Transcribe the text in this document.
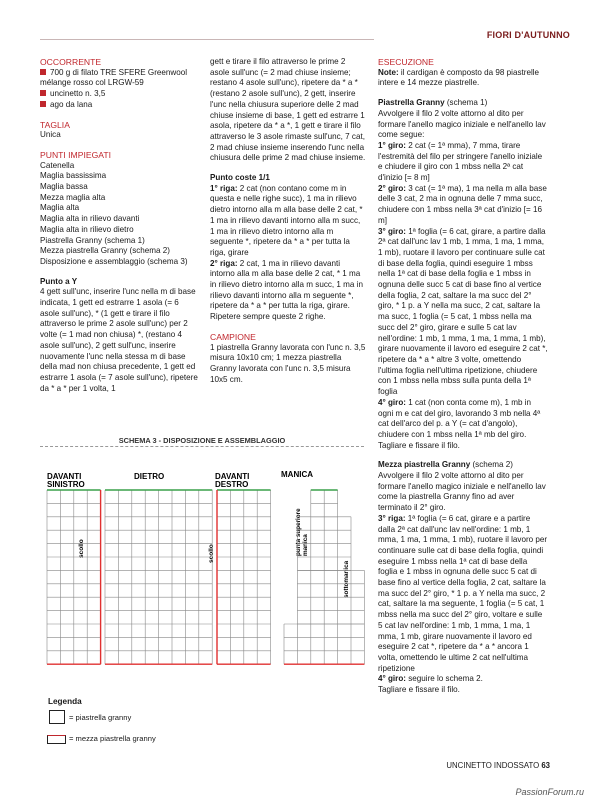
FIORI D'AUTUNNO

OCCORRENTE

700 g di filato TRE SFERE Greenwool mélange rosso col LRGW-59

uncinetto n. 3,5

ago da lana

TAGLIA

Unica

PUNTI IMPIEGATI

Catenella

Maglia bassissima

Maglia bassa

Mezza maglia alta

Maglia alta

Maglia alta in rilievo davanti

Maglia alta in rilievo dietro

Piastrella Granny (schema 1)

Mezza piastrella Granny (schema 2)

Disposizione e assemblaggio (schema 3)

Punto a Y

4 gett sull'unc, inserire l'unc nella m di base indicata, 1 gett ed estrarre 1 asola (= 6 asole sull'unc), * (1 gett e tirare il filo attraverso le prime 2 asole sull'unc) per 2 volte (= 1 mad non chiusa) *, (restano 4 asole sull'unc), 2 gett sull'unc, inserire nuovamente l'unc nella stessa m di base della mad non chiusa precedente, 1 gett ed estrarre 1 asola (= 7 asole sull'unc), ripetere da * a * per 1 volta, 1

gett e tirare il filo attraverso le prime 2 asole sull'unc (= 2 mad chiuse insieme; restano 4 asole sull'unc), ripetere da * a * (restano 2 asole sull'unc), 2 gett, inserire l'unc nella chiusura superiore delle 2 mad chiuse insieme di base, 1 gett ed estrarre 1 asola, ripetere da * a *, 1 gett e tirare il filo attraverso le 3 asole rimaste sull'unc, 7 cat, 2 mad chiuse insieme inserendo l'unc nella chiusura delle prime 2 mad chiuse insieme.

Punto coste 1/1

1° riga: 2 cat (non contano come m in questa e nelle righe succ), 1 ma in rilievo dietro intorno alla m alla base delle 2 cat, * 1 ma in rilievo davanti intorno alla m succ, 1 ma in rilievo dietro intorno alla m seguente *, ripetere da * a * per tutta la riga, girare

2° riga: 2 cat, 1 ma in rilievo davanti intorno alla m alla base delle 2 cat, * 1 ma in rilievo dietro intorno alla m succ, 1 ma in rilievo davanti intorno alla m seguente *, ripetere da * a * per tutta la riga, girare.

Ripetere sempre queste 2 righe.

CAMPIONE

1 piastrella Granny lavorata con l'unc n. 3,5 misura 10x10 cm; 1 mezza piastrella Granny lavorata con l'unc n. 3,5 misura 10x5 cm.

ESECUZIONE

Note: il cardigan è composto da 98 piastrelle intere e 14 mezze piastrelle.

Piastrella Granny (schema 1)

Avvolgere il filo 2 volte attorno al dito per formare l'anello magico iniziale e nell'anello lav come segue:

1° giro: 2 cat (= 1ª mma), 7 mma, tirare l'estremità del filo per stringere l'anello iniziale e chiudere il giro con 1 mbss nella 2ª cat d'inizio [= 8 m]

2° giro: 3 cat (= 1ª ma), 1 ma nella m alla base delle 3 cat, 2 ma in ognuna delle 7 mma succ, chiudere con 1 mbss nella 3ª cat d'inizio [= 16 m]

3° giro: 1ª foglia (= 6 cat, girare, a partire dalla 2ª cat dall'unc lav 1 mb, 1 mma, 1 ma, 1 mma, 1 mb), ruotare il lavoro per continuare sulle cat di base della foglia, quindi eseguire 1 mbss nella 1ª cat di base della foglia e 1 mbss in ognuna delle succ 5 cat di base fino al vertice della foglia, 2 cat, saltare la ma succ del 2° giro, * 1 p. a Y nella ma succ, 2 cat, saltare la ma succ, 1 foglia (= 5 cat, 1 mbss nella ma succ del 2° giro, girare e sulle 5 cat lav nell'ordine: 1 mb, 1 mma, 1 ma, 1 mma, 1 mb), girare nuovamente il lavoro ed eseguire 2 cat *, ripetere da * a * altre 3 volte, omettendo l'ultima foglia nell'ultima ripetizione, chiudere con 1 mbss nella mbss sulla punta della 1ª foglia

4° giro: 1 cat (non conta come m), 1 mb in ogni m e cat del giro, lavorando 3 mb nella 4ª cat dell'arco del p. a Y (= cat d'angolo), chiudere con 1 mbss nella 1ª mb del giro.

Tagliare e fissare il filo.

Mezza piastrella Granny (schema 2)

Avvolgere il filo 2 volte attorno al dito per formare l'anello magico iniziale e nell'anello lav come la piastrella Granny fino ad aver terminato il 2° giro.

3° riga: 1ª foglia (= 6 cat, girare e a partire dalla 2ª cat dall'unc lav nell'ordine: 1 mb, 1 mma, 1 ma, 1 mma, 1 mb), ruotare il lavoro per continuare sulle cat di base della foglia, quindi eseguire 1 mbss nella 1ª cat di base della foglia e 1 mbss in ognuna delle succ 5 cat di base fino al vertice della foglia, 2 cat, saltare la ma succ del 2° giro, * 1 p. a Y nella ma succ, 2 cat, saltare la ma seguente, 1 foglia (= 5 cat, 1 mbss nella ma succ del 2° giro, voltare e sulle 5 cat lav nell'ordine: 1 mb, 1 mma, 1 ma, 1 mma, 1 mb, girare nuovamente il lavoro ed eseguire 2 cat *, ripetere da * a * ancora 1 volta, omettendo le ultime 2 cat nell'ultima ripetizione

4° giro: seguire lo schema 2.

Tagliare e fissare il filo.

SCHEMA 3 - DISPOSIZIONE E ASSEMBLAGGIO
DAVANTI SINISTRO
DIETRO	DAVANTI DESTRO
MANICA
scollo	scollo	punta superioremanica
sottomanica
Legenda
= piastrella granny
= mezza piastrella granny
UNCINETTO INDOSSATO 63
PassionForum.ru
